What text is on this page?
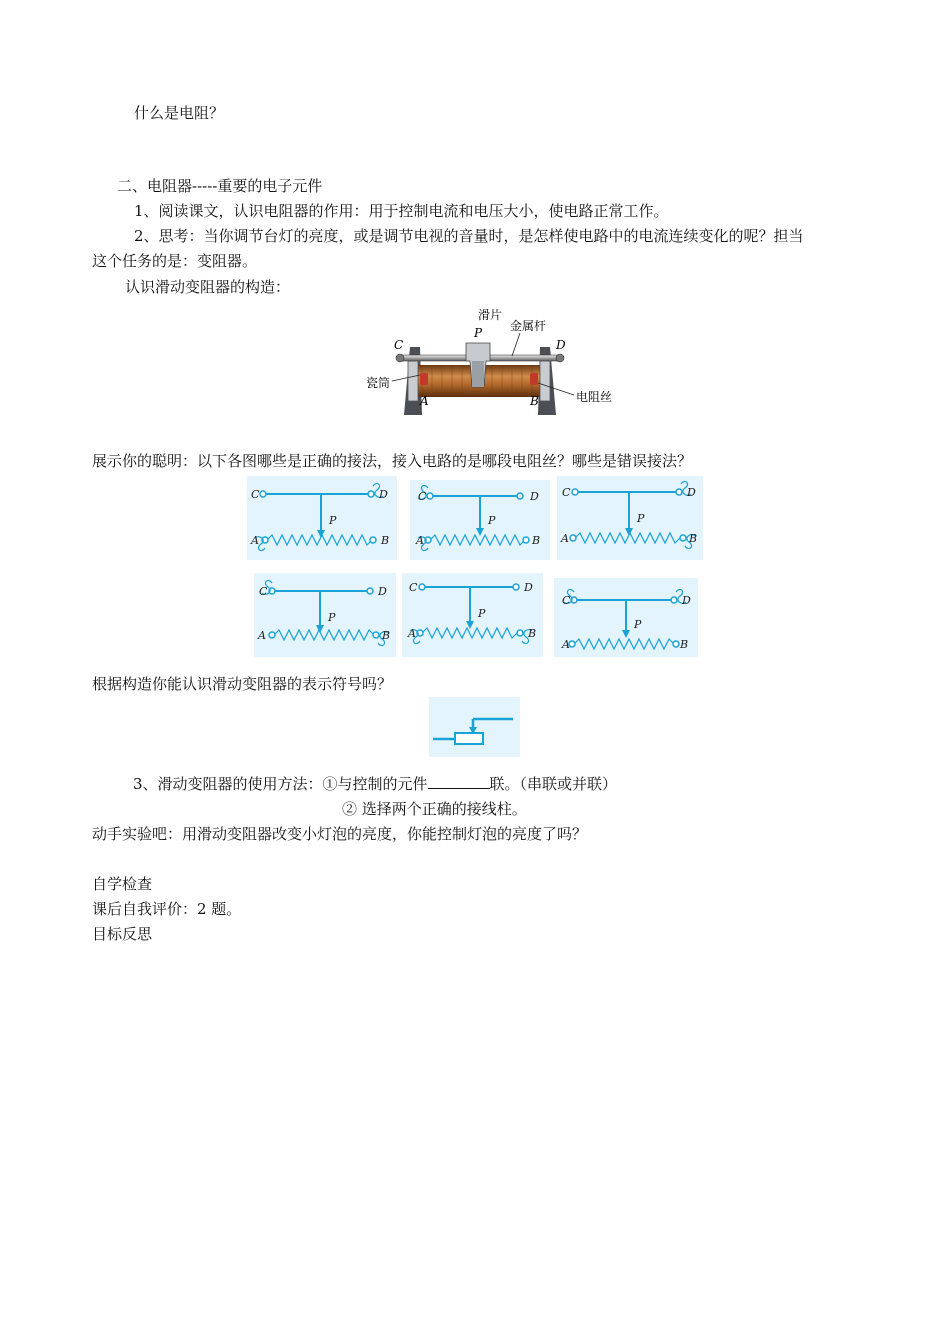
什么是电阻？
二、电阻器-----重要的电子元件
1、阅读课文，认识电阻器的作用：用于控制电流和电压大小，使电路正常工作。
2、思考：当你调节台灯的亮度，或是调节电视的音量时，是怎样使电路中的电流连续变化的呢？担当
这个任务的是：变阻器。
认识滑动变阻器的构造：
滑片
P 金属杆
C	D
瓷筒
A	B	电阻丝
展示你的聪明：以下各图哪些是正确的接法，接入电路的是哪段电阻丝？哪些是错误接法？
C	D
P
A	B
C	D
P
A	B
C	D
P
A	B
C	D
P
A	B
C	D
P
A	B
C	D
P
A	B
根据构造你能认识滑动变阻器的表示符号吗？
3、滑动变阻器的使用方法：①与控制的元件	联。（串联或并联）
② 选择两个正确的接线柱。
动手实验吧：用滑动变阻器改变小灯泡的亮度，你能控制灯泡的亮度了吗？
自学检查
课后自我评价：2 题。
目标反思
